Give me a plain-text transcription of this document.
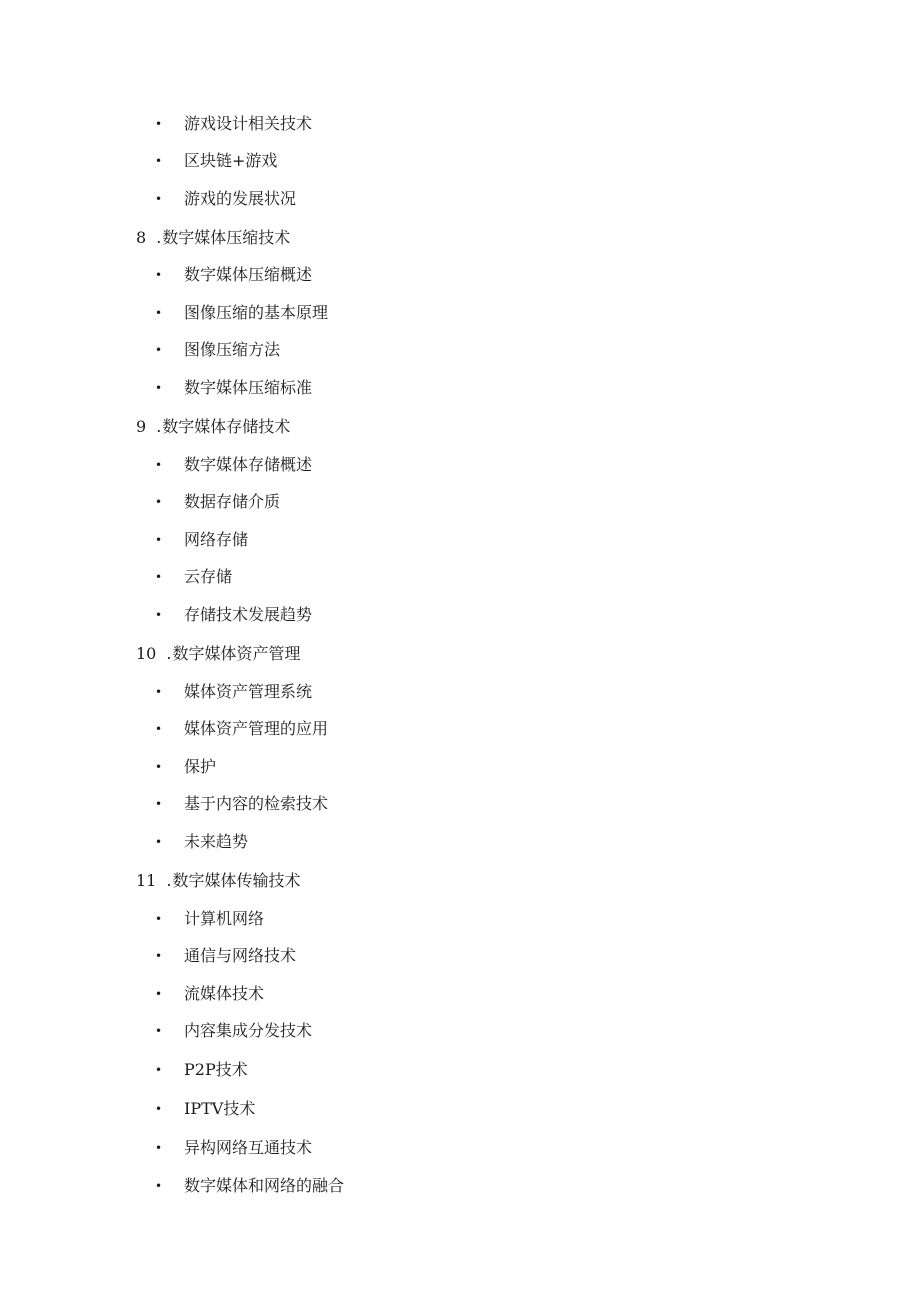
• 游戏设计相关技术
• 区块链+游戏
• 游戏的发展状况
8 .数字媒体压缩技术
• 数字媒体压缩概述
• 图像压缩的基本原理
• 图像压缩方法
• 数字媒体压缩标准
9 .数字媒体存储技术
• 数字媒体存储概述
• 数据存储介质
• 网络存储
• 云存储
• 存储技术发展趋势
10 .数字媒体资产管理
• 媒体资产管理系统
• 媒体资产管理的应用
• 保护
• 基于内容的检索技术
• 未来趋势
11 .数字媒体传输技术
• 计算机网络
• 通信与网络技术
• 流媒体技术
• 内容集成分发技术
• P2P技术
• IPTV技术
• 异构网络互通技术
• 数字媒体和网络的融合
